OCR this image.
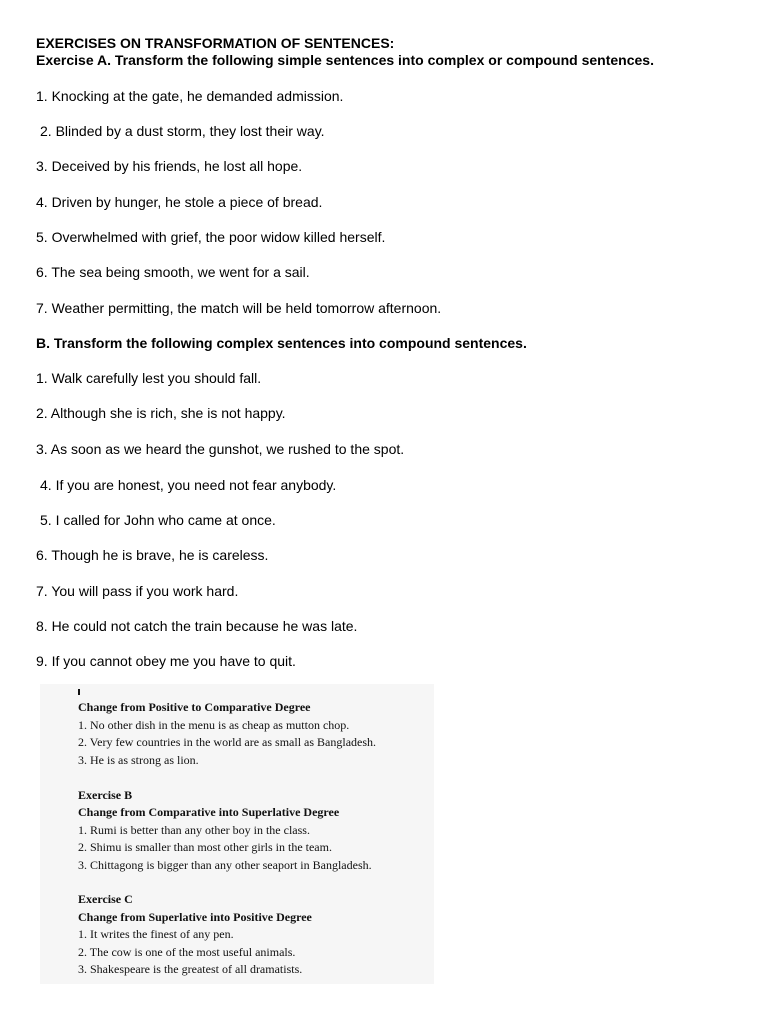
EXERCISES ON TRANSFORMATION OF SENTENCES:
Exercise A. Transform the following simple sentences into complex or compound sentences.
1. Knocking at the gate, he demanded admission.
2. Blinded by a dust storm, they lost their way.
3. Deceived by his friends, he lost all hope.
4. Driven by hunger, he stole a piece of bread.
5. Overwhelmed with grief, the poor widow killed herself.
6. The sea being smooth, we went for a sail.
7. Weather permitting, the match will be held tomorrow afternoon.
B. Transform the following complex sentences into compound sentences.
1. Walk carefully lest you should fall.
2. Although she is rich, she is not happy.
3. As soon as we heard the gunshot, we rushed to the spot.
4. If you are honest, you need not fear anybody.
5. I called for John who came at once.
6. Though he is brave, he is careless.
7. You will pass if you work hard.
8. He could not catch the train because he was late.
9. If you cannot obey me you have to quit.
Change from Positive to Comparative Degree
1. No other dish in the menu is as cheap as mutton chop.
2. Very few countries in the world are as small as Bangladesh.
3. He is as strong as lion.
Exercise B
Change from Comparative into Superlative Degree
1. Rumi is better than any other boy in the class.
2. Shimu is smaller than most other girls in the team.
3. Chittagong is bigger than any other seaport in Bangladesh.
Exercise C
Change from Superlative into Positive Degree
1. It writes the finest of any pen.
2. The cow is one of the most useful animals.
3. Shakespeare is the greatest of all dramatists.
